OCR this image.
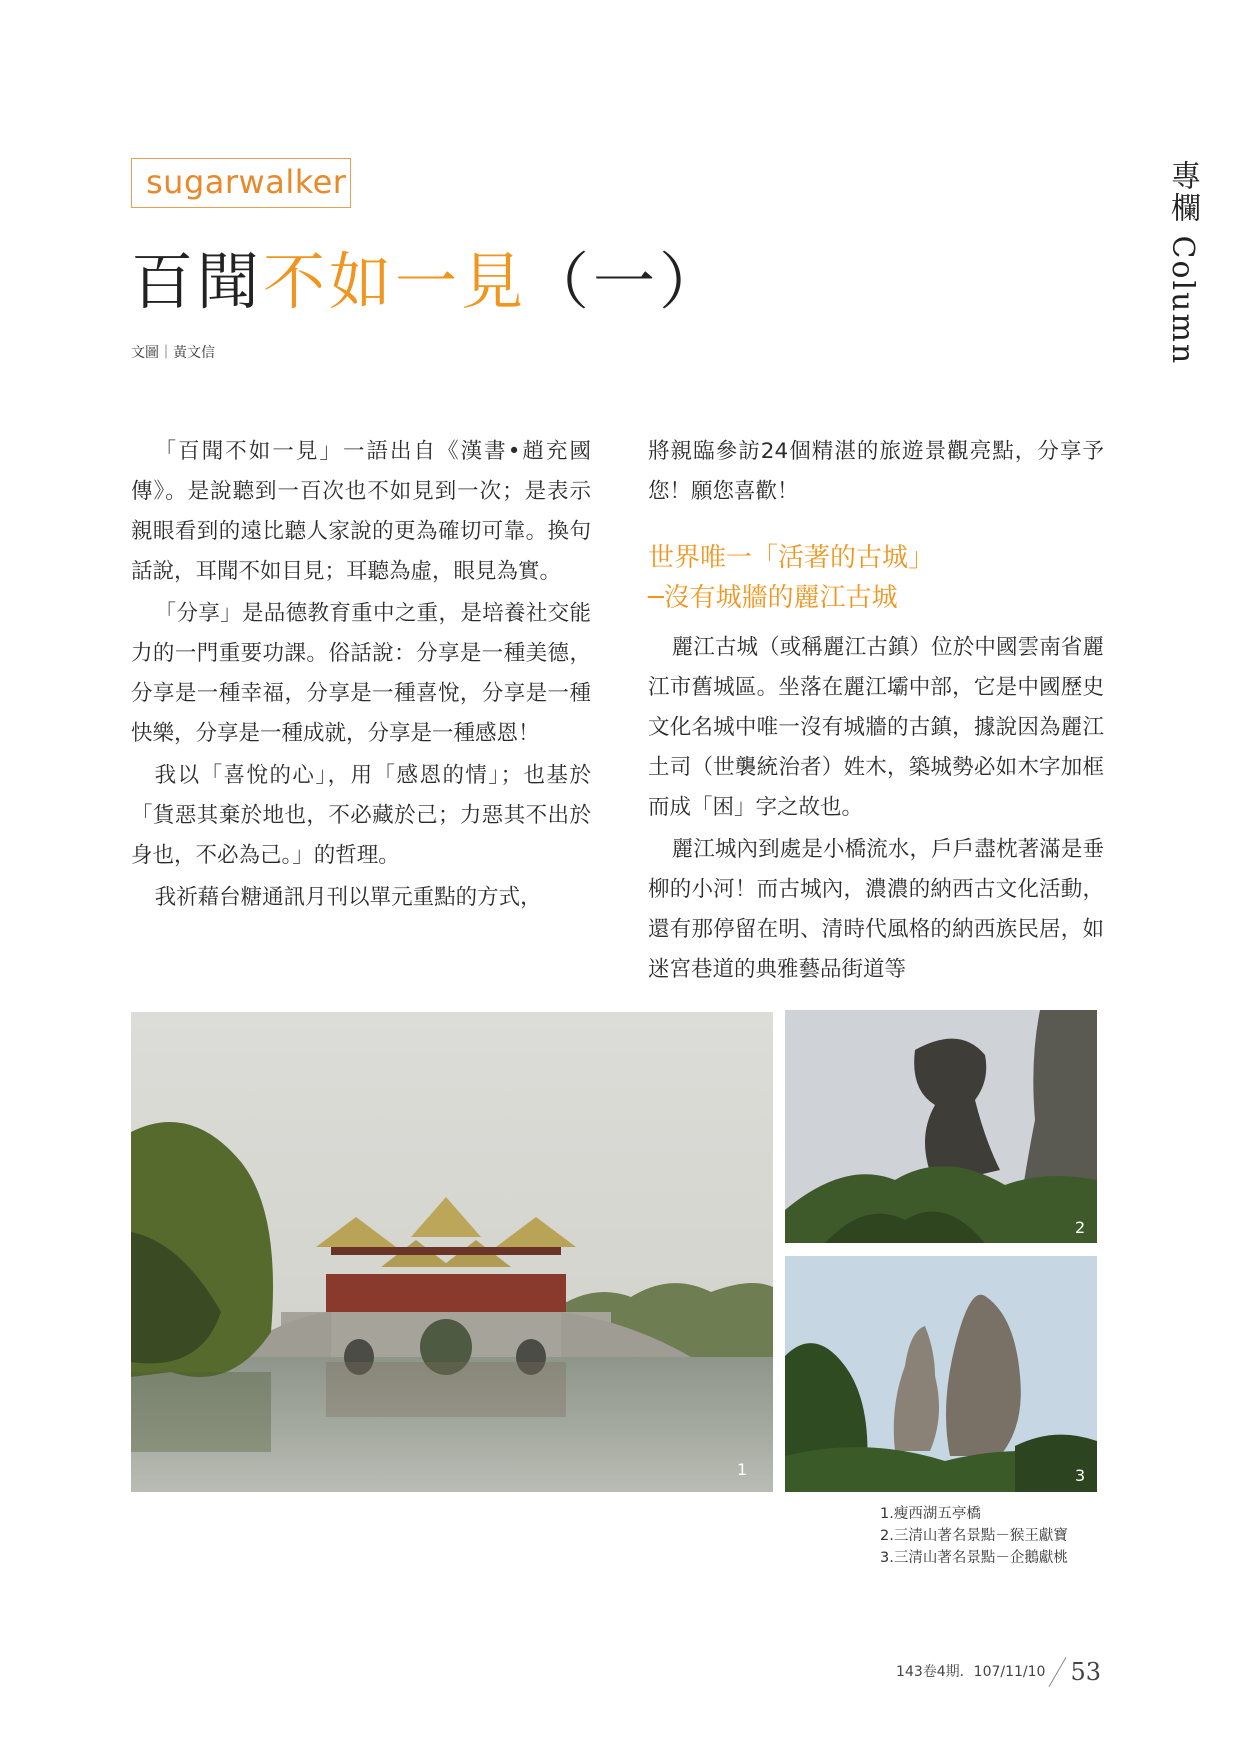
sugarwalker
百聞不如一見（一）
文圖｜黃文信	專欄 Column

「百聞不如一見」一語出自《漢書•趙充國傳》。是說聽到一百次也不如見到一次；是表示親眼看到的遠比聽人家說的更為確切可靠。換句話說，耳聞不如目見；耳聽為虛，眼見為實。

「分享」是品德教育重中之重，是培養社交能力的一門重要功課。俗話說：分享是一種美德，分享是一種幸福，分享是一種喜悅，分享是一種快樂，分享是一種成就，分享是一種感恩！

我以「喜悅的心」，用「感恩的情」；也基於「貨惡其棄於地也，不必藏於己；力惡其不出於身也，不必為己。」的哲理。

我祈藉台糖通訊月刊以單元重點的方式，

將親臨參訪24個精湛的旅遊景觀亮點，分享予您！願您喜歡！

世界唯一「活著的古城」
─沒有城牆的麗江古城

麗江古城（或稱麗江古鎮）位於中國雲南省麗江市舊城區。坐落在麗江壩中部，它是中國歷史文化名城中唯一沒有城牆的古鎮，據說因為麗江土司（世襲統治者）姓木，築城勢必如木字加框而成「困」字之故也。

麗江城內到處是小橋流水，戶戶盡枕著滿是垂柳的小河！而古城內，濃濃的納西古文化活動，還有那停留在明、清時代風格的納西族民居，如迷宮巷道的典雅藝品街道等

1
2
3
1.瘦西湖五亭橋
2.三清山著名景點－猴王獻寶
3.三清山著名景點－企鵝獻桃
143卷4期．107/11/10 53
